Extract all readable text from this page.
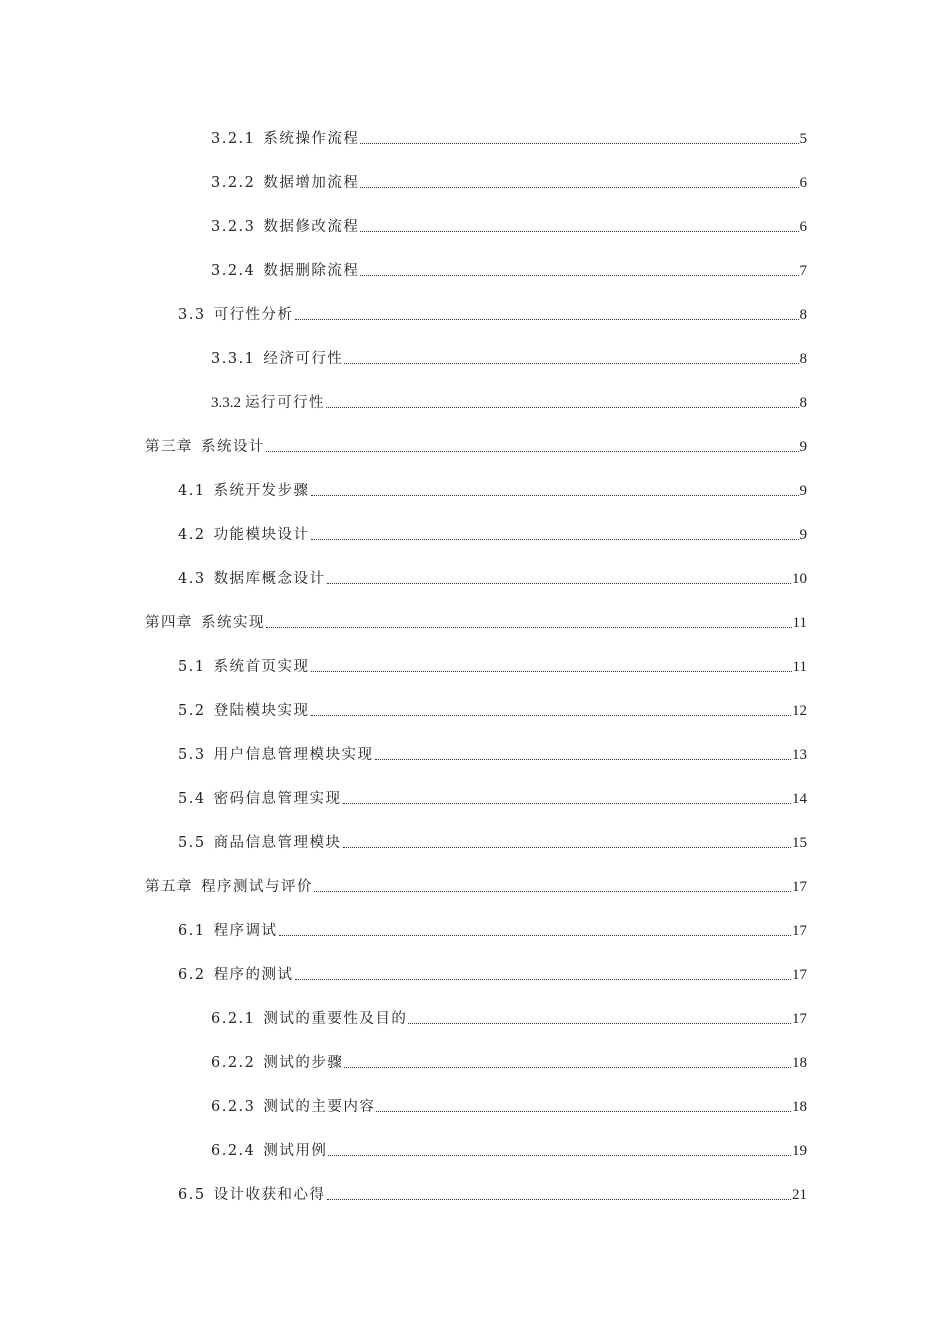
3.2.1 系统操作流程	5
3.2.2 数据增加流程	6
3.2.3 数据修改流程	6
3.2.4 数据删除流程	7
3.3 可行性分析	8
3.3.1 经济可行性	8
3.3.2 运行可行性	8
第三章 系统设计	9
4.1 系统开发步骤	9
4.2 功能模块设计	9
4.3 数据库概念设计	10
第四章 系统实现	11
5.1 系统首页实现	11
5.2 登陆模块实现	12
5.3 用户信息管理模块实现	13
5.4 密码信息管理实现	14
5.5 商品信息管理模块	15
第五章 程序测试与评价	17
6.1 程序调试	17
6.2 程序的测试	17
6.2.1 测试的重要性及目的	17
6.2.2 测试的步骤	18
6.2.3 测试的主要内容	18
6.2.4 测试用例	19
6.5 设计收获和心得	21
